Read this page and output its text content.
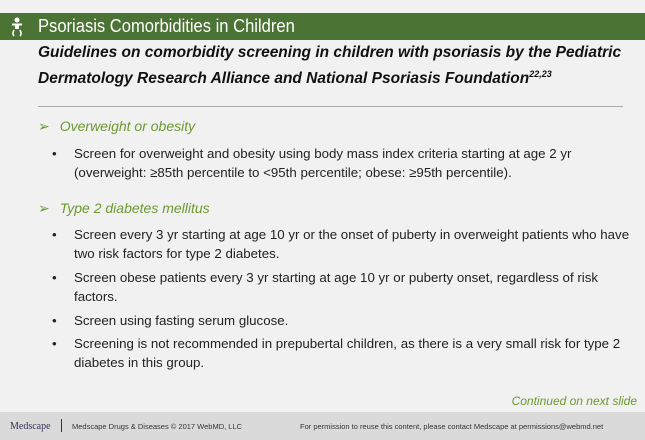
Psoriasis Comorbidities in Children
Guidelines on comorbidity screening in children with psoriasis by the Pediatric Dermatology Research Alliance and National Psoriasis Foundation$^{22,23}$
➢ Overweight or obesity
• Screen for overweight and obesity using body mass index criteria starting at age 2 yr (overweight: ≥85th percentile to <95th percentile; obese: ≥95th percentile).
➢ Type 2 diabetes mellitus
• Screen every 3 yr starting at age 10 yr or the onset of puberty in overweight patients who have two risk factors for type 2 diabetes.
• Screen obese patients every 3 yr starting at age 10 yr or puberty onset, regardless of risk factors.
• Screen using fasting serum glucose.
• Screening is not recommended in prepubertal children, as there is a very small risk for type 2 diabetes in this group.
Continued on next slide
Medscape	Medscape Drugs & Diseases © 2017 WebMD, LLC	For permission to reuse this content, please contact Medscape at permissions@webmd.net
